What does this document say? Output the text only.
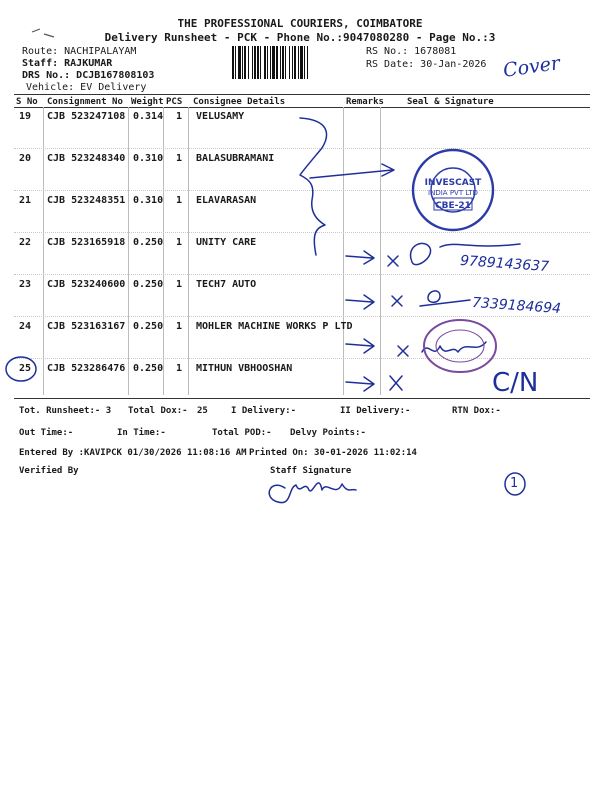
THE PROFESSIONAL COURIERS, COIMBATORE
Delivery Runsheet - PCK - Phone No.:9047080280 - Page No.:3
Route: NACHIPALAYAM
Staff: RAJKUMAR
DRS No.: DCJB167808103
Vehicle: EV Delivery
RS No.: 1678081
RS Date: 30-Jan-2026
S No Consignment No Weight PCS Consignee Details	Remarks	Seal & Signature
19 CJB 523247108 0.314 1 VELUSAMY
20 CJB 523248340 0.310 1 BALASUBRAMANI
21 CJB 523248351 0.310 1 ELAVARASAN
22 CJB 523165918 0.250 1 UNITY CARE
23 CJB 523240600 0.250 1 TECH7 AUTO
24 CJB 523163167 0.250 1 MOHLER MACHINE WORKS P LTD
25 CJB 523286476 0.250 1 MITHUN VBHOOSHAN
Tot. Runsheet:- 3 Total Dox:- 25	I Delivery:-	II Delivery:-	RTN Dox:-
Out Time:-	In Time:-	Total POD:- Delvy Points:-
Entered By :KAVIPCK 01/30/2026 11:08:16 AM Printed On: 30-01-2026 11:02:14
Verified By	Staff Signature
INVESCAST
INDIA PVT LTD
CBE-21
Cover
9789143637
7339184694
C/N
1
